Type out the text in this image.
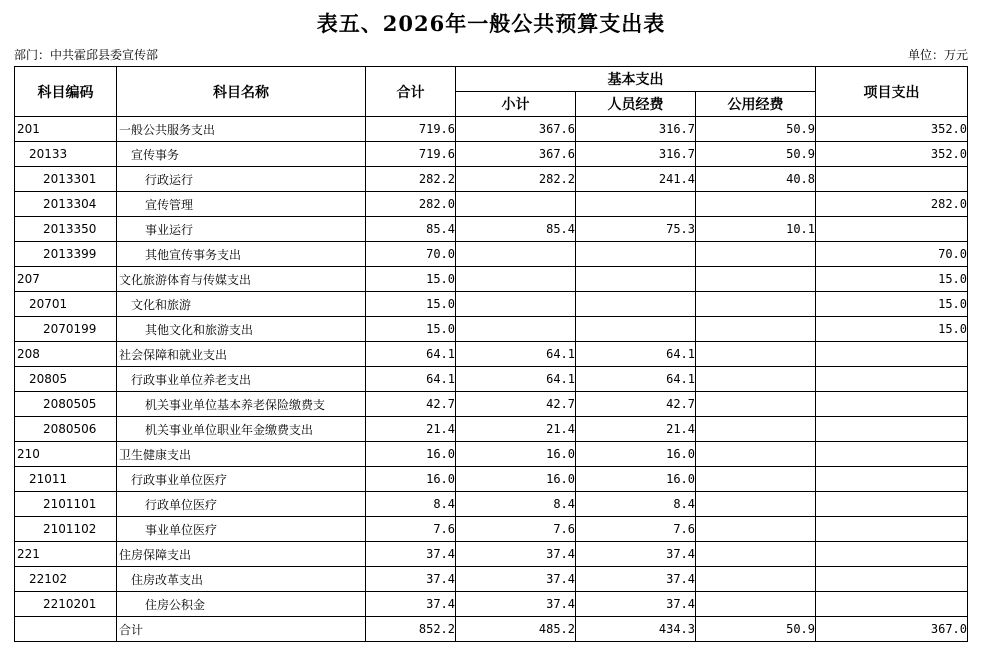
表五、2026年一般公共预算支出表
部门：中共霍邱县委宣传部	单位：万元
科目编码	科目名称	合计	基本支出			项目支出
			小计	人员经费	公用经费	
201	一般公共服务支出	719.6	367.6	316.7	50.9	352.0
20133	宣传事务	719.6	367.6	316.7	50.9	352.0
2013301	行政运行	282.2	282.2	241.4	40.8	
2013304	宣传管理	282.0				282.0
2013350	事业运行	85.4	85.4	75.3	10.1	
2013399	其他宣传事务支出	70.0				70.0
207	文化旅游体育与传媒支出	15.0				15.0
20701	文化和旅游	15.0				15.0
2070199	其他文化和旅游支出	15.0				15.0
208	社会保障和就业支出	64.1	64.1	64.1		
20805	行政事业单位养老支出	64.1	64.1	64.1		
2080505	机关事业单位基本养老保险缴费支	42.7	42.7	42.7		
2080506	机关事业单位职业年金缴费支出	21.4	21.4	21.4		
210	卫生健康支出	16.0	16.0	16.0		
21011	行政事业单位医疗	16.0	16.0	16.0		
2101101	行政单位医疗	8.4	8.4	8.4		
2101102	事业单位医疗	7.6	7.6	7.6		
221	住房保障支出	37.4	37.4	37.4		
22102	住房改革支出	37.4	37.4	37.4		
2210201	住房公积金	37.4	37.4	37.4		
	合计	852.2	485.2	434.3	50.9	367.0
